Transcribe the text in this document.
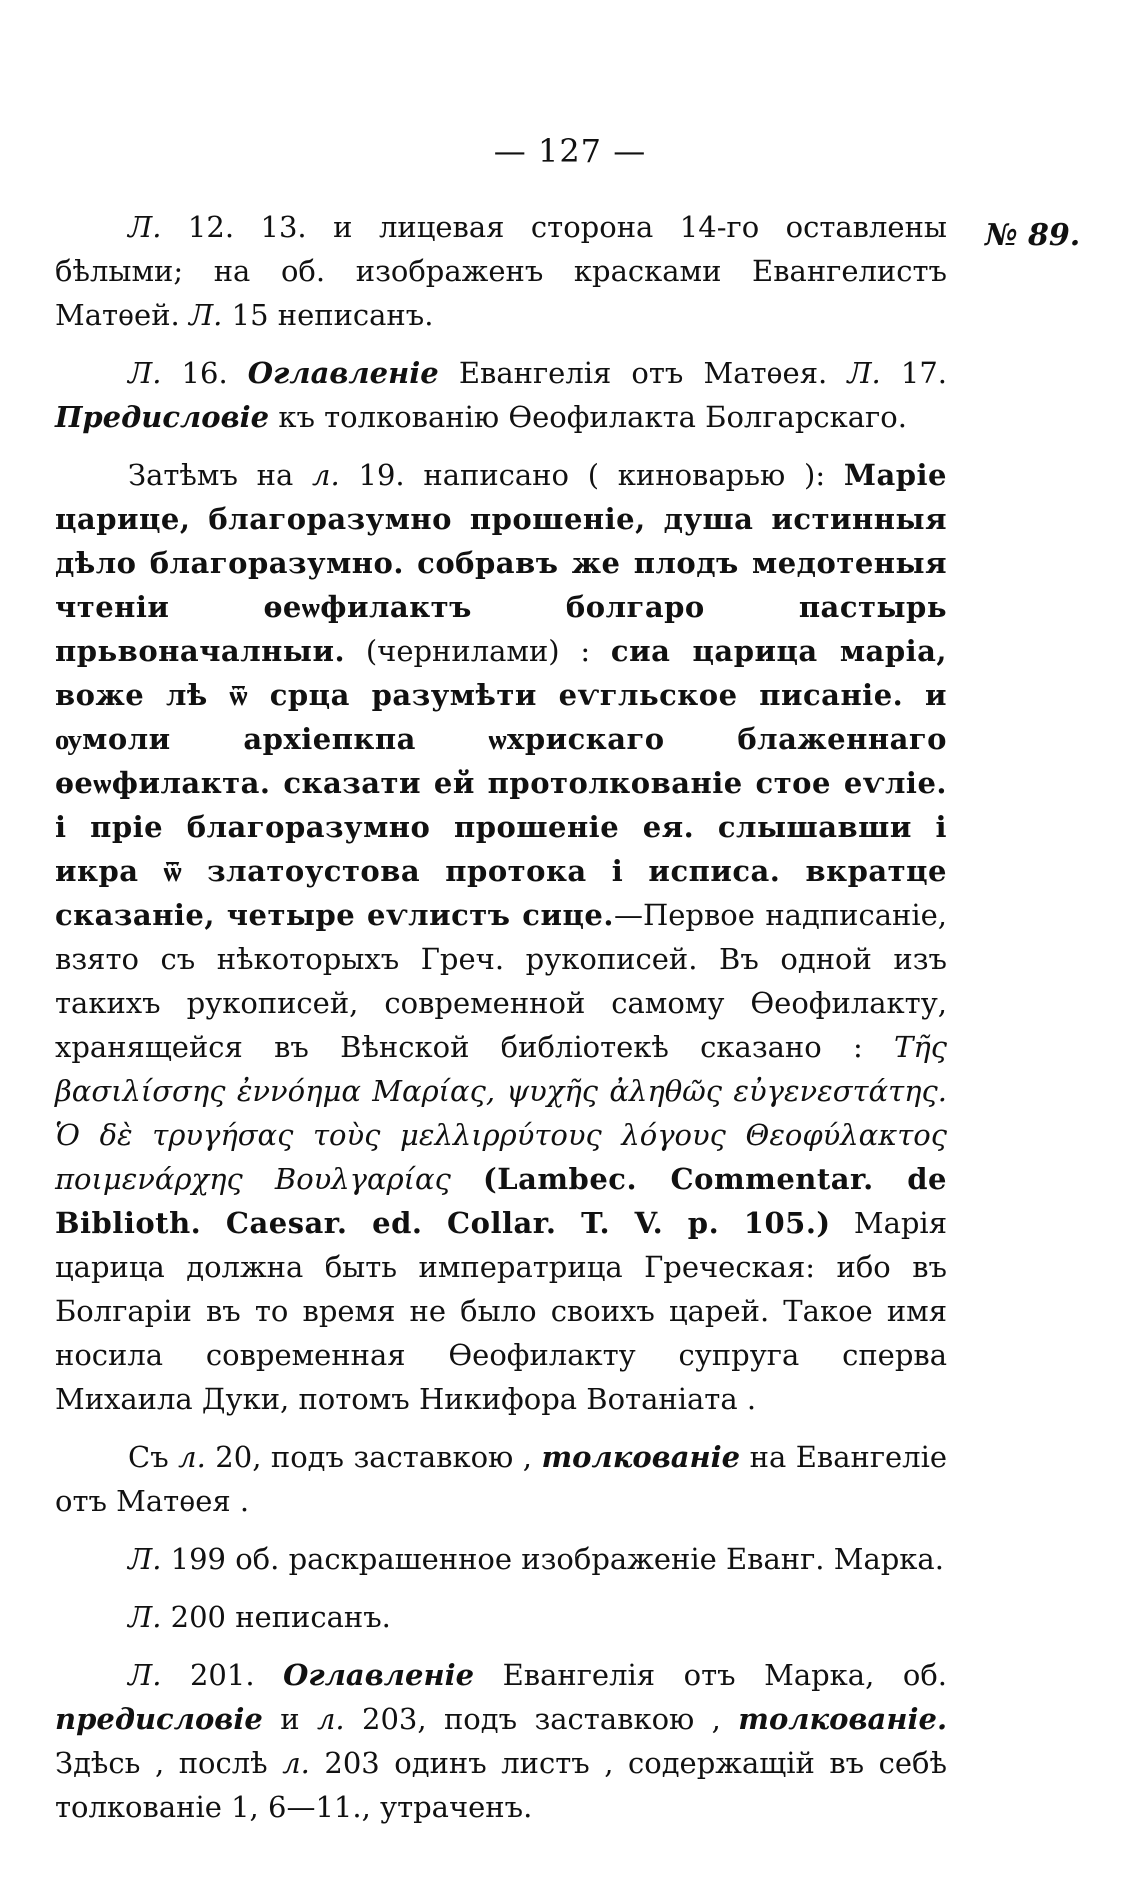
— 127 —
№ 89.

Л. 12. 13. и лицевая сторона 14-го оставлены бѣлыми; на об. изображенъ красками Евангелистъ Матѳей. Л. 15 неписанъ.

Л. 16. Оглавленіе Евангелія отъ Матѳея. Л. 17. Предисловіе къ толкованію Ѳеофилакта Болгарскаго.

Затѣмъ на л. 19. написано ( киноварью ): Маріе царице, благоразумно прошеніе, душа истинныя дѣло благоразумно. собравъ же плодъ медотеныя чтеніи ѳеѡфилактъ болгаро пастырь прьвоначалныи. (чернилами) : сиа царица маріа, воже лѣ ѿ срца разумѣти еѵгльское писаніе. и ѹмоли архіепкпа ѡхрискаго блаженнаго ѳеѡфилакта. сказати ей протолкованіе стое еѵліе. і пріе благоразумно прошеніе ея. слышавши і икра ѿ златоустова протока і исписа. вкратце сказаніе, четыре еѵлистъ сице.—Первое надписаніе, взято съ нѣкоторыхъ Греч. рукописей. Въ одной изъ такихъ рукописей, современной самому Ѳеофилакту, хранящейся въ Вѣнской библіотекѣ сказано : Τῆς βασιλίσσης ἐννόημα Μαρίας, ψυχῆς ἀληθῶς εὐγενεστάτης. Ὁ δὲ τρυγήσας τοὺς μελλιρρύτους λόγους Θεοφύλακτος ποιμενάρχης Βουλγαρίας (Lambec. Commentar. de Biblioth. Caesar. ed. Collar. T. V. p. 105.) Марія царица должна быть императрица Греческая: ибо въ Болгаріи въ то время не было своихъ царей. Такое имя носила современная Ѳеофилакту супруга сперва Михаила Дуки, потомъ Никифора Вотаніата .

Съ л. 20, подъ заставкою , толкованіе на Евангеліе отъ Матѳея .

Л. 199 об. раскрашенное изображеніе Еванг. Марка.

Л. 200 неписанъ.

Л. 201. Оглавленіе Евангелія отъ Марка, об. предисловіе и л. 203, подъ заставкою , толкованіе. Здѣсь , послѣ л. 203 одинъ листъ , содержащій въ себѣ толкованіе 1, 6—11., утраченъ.
